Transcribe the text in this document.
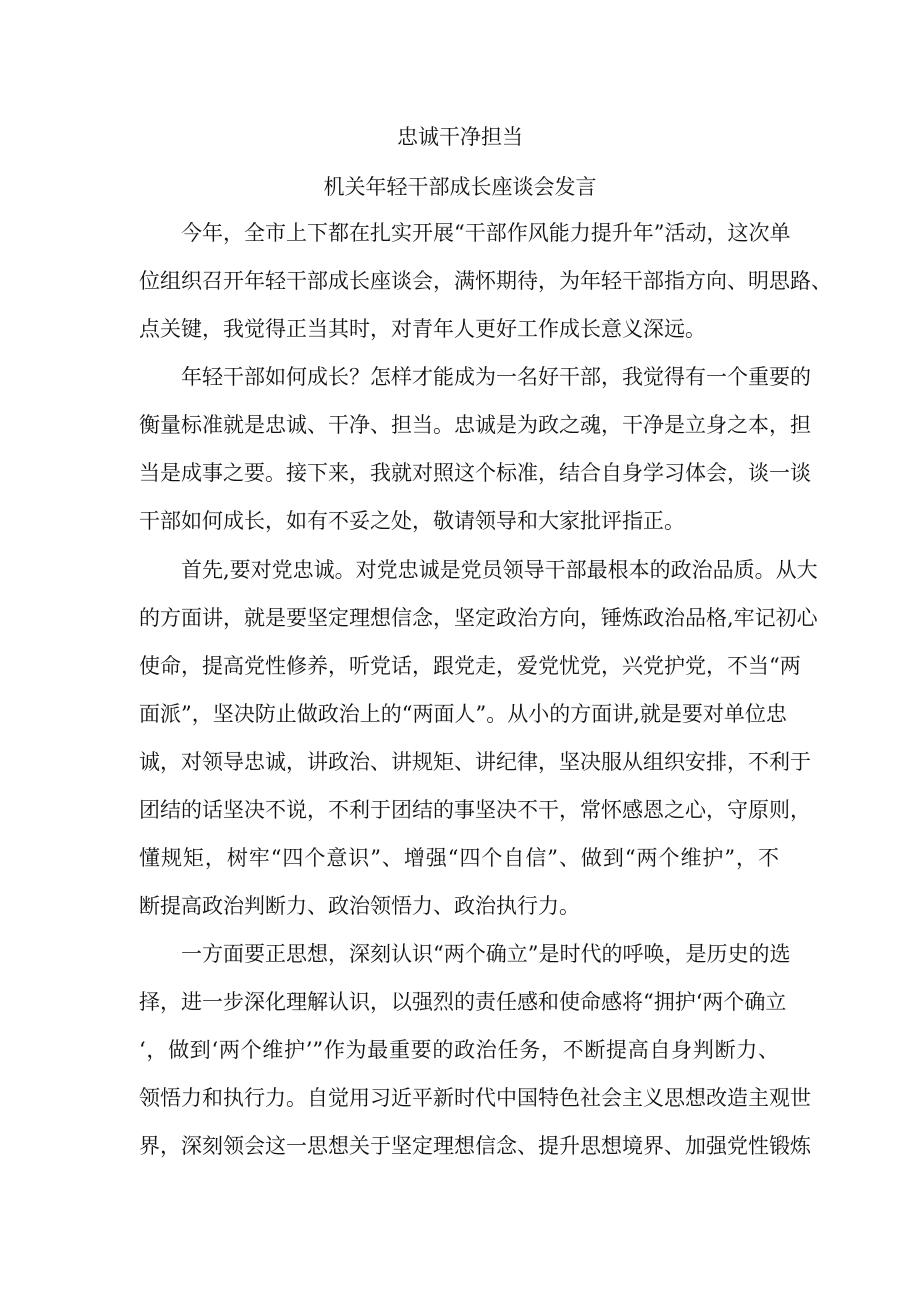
忠诚干净担当
机关年轻干部成长座谈会发言
今年，全市上下都在扎实开展“干部作风能力提升年”活动，这次单
位组织召开年轻干部成长座谈会，满怀期待，为年轻干部指方向、明思路、
点关键，我觉得正当其时，对青年人更好工作成长意义深远。
年轻干部如何成长？怎样才能成为一名好干部，我觉得有一个重要的
衡量标准就是忠诚、干净、担当。忠诚是为政之魂，干净是立身之本，担
当是成事之要。接下来，我就对照这个标准，结合自身学习体会，谈一谈
干部如何成长，如有不妥之处，敬请领导和大家批评指正。
首先,要对党忠诚。对党忠诚是党员领导干部最根本的政治品质。从大
的方面讲，就是要坚定理想信念，坚定政治方向，锤炼政治品格,牢记初心
使命，提高党性修养，听党话，跟党走，爱党忧党，兴党护党，不当“两
面派”，坚决防止做政治上的“两面人”。从小的方面讲,就是要对单位忠
诚，对领导忠诚，讲政治、讲规矩、讲纪律，坚决服从组织安排，不利于
团结的话坚决不说，不利于团结的事坚决不干，常怀感恩之心，守原则，
懂规矩，树牢“四个意识”、增强“四个自信”、做到“两个维护”，不
断提高政治判断力、政治领悟力、政治执行力。
一方面要正思想，深刻认识“两个确立”是时代的呼唤，是历史的选
择，进一步深化理解认识，以强烈的责任感和使命感将“拥护‘两个确立
‘，做到‘两个维护’”作为最重要的政治任务，不断提高自身判断力、
领悟力和执行力。自觉用习近平新时代中国特色社会主义思想改造主观世
界，深刻领会这一思想关于坚定理想信念、提升思想境界、加强党性锻炼
